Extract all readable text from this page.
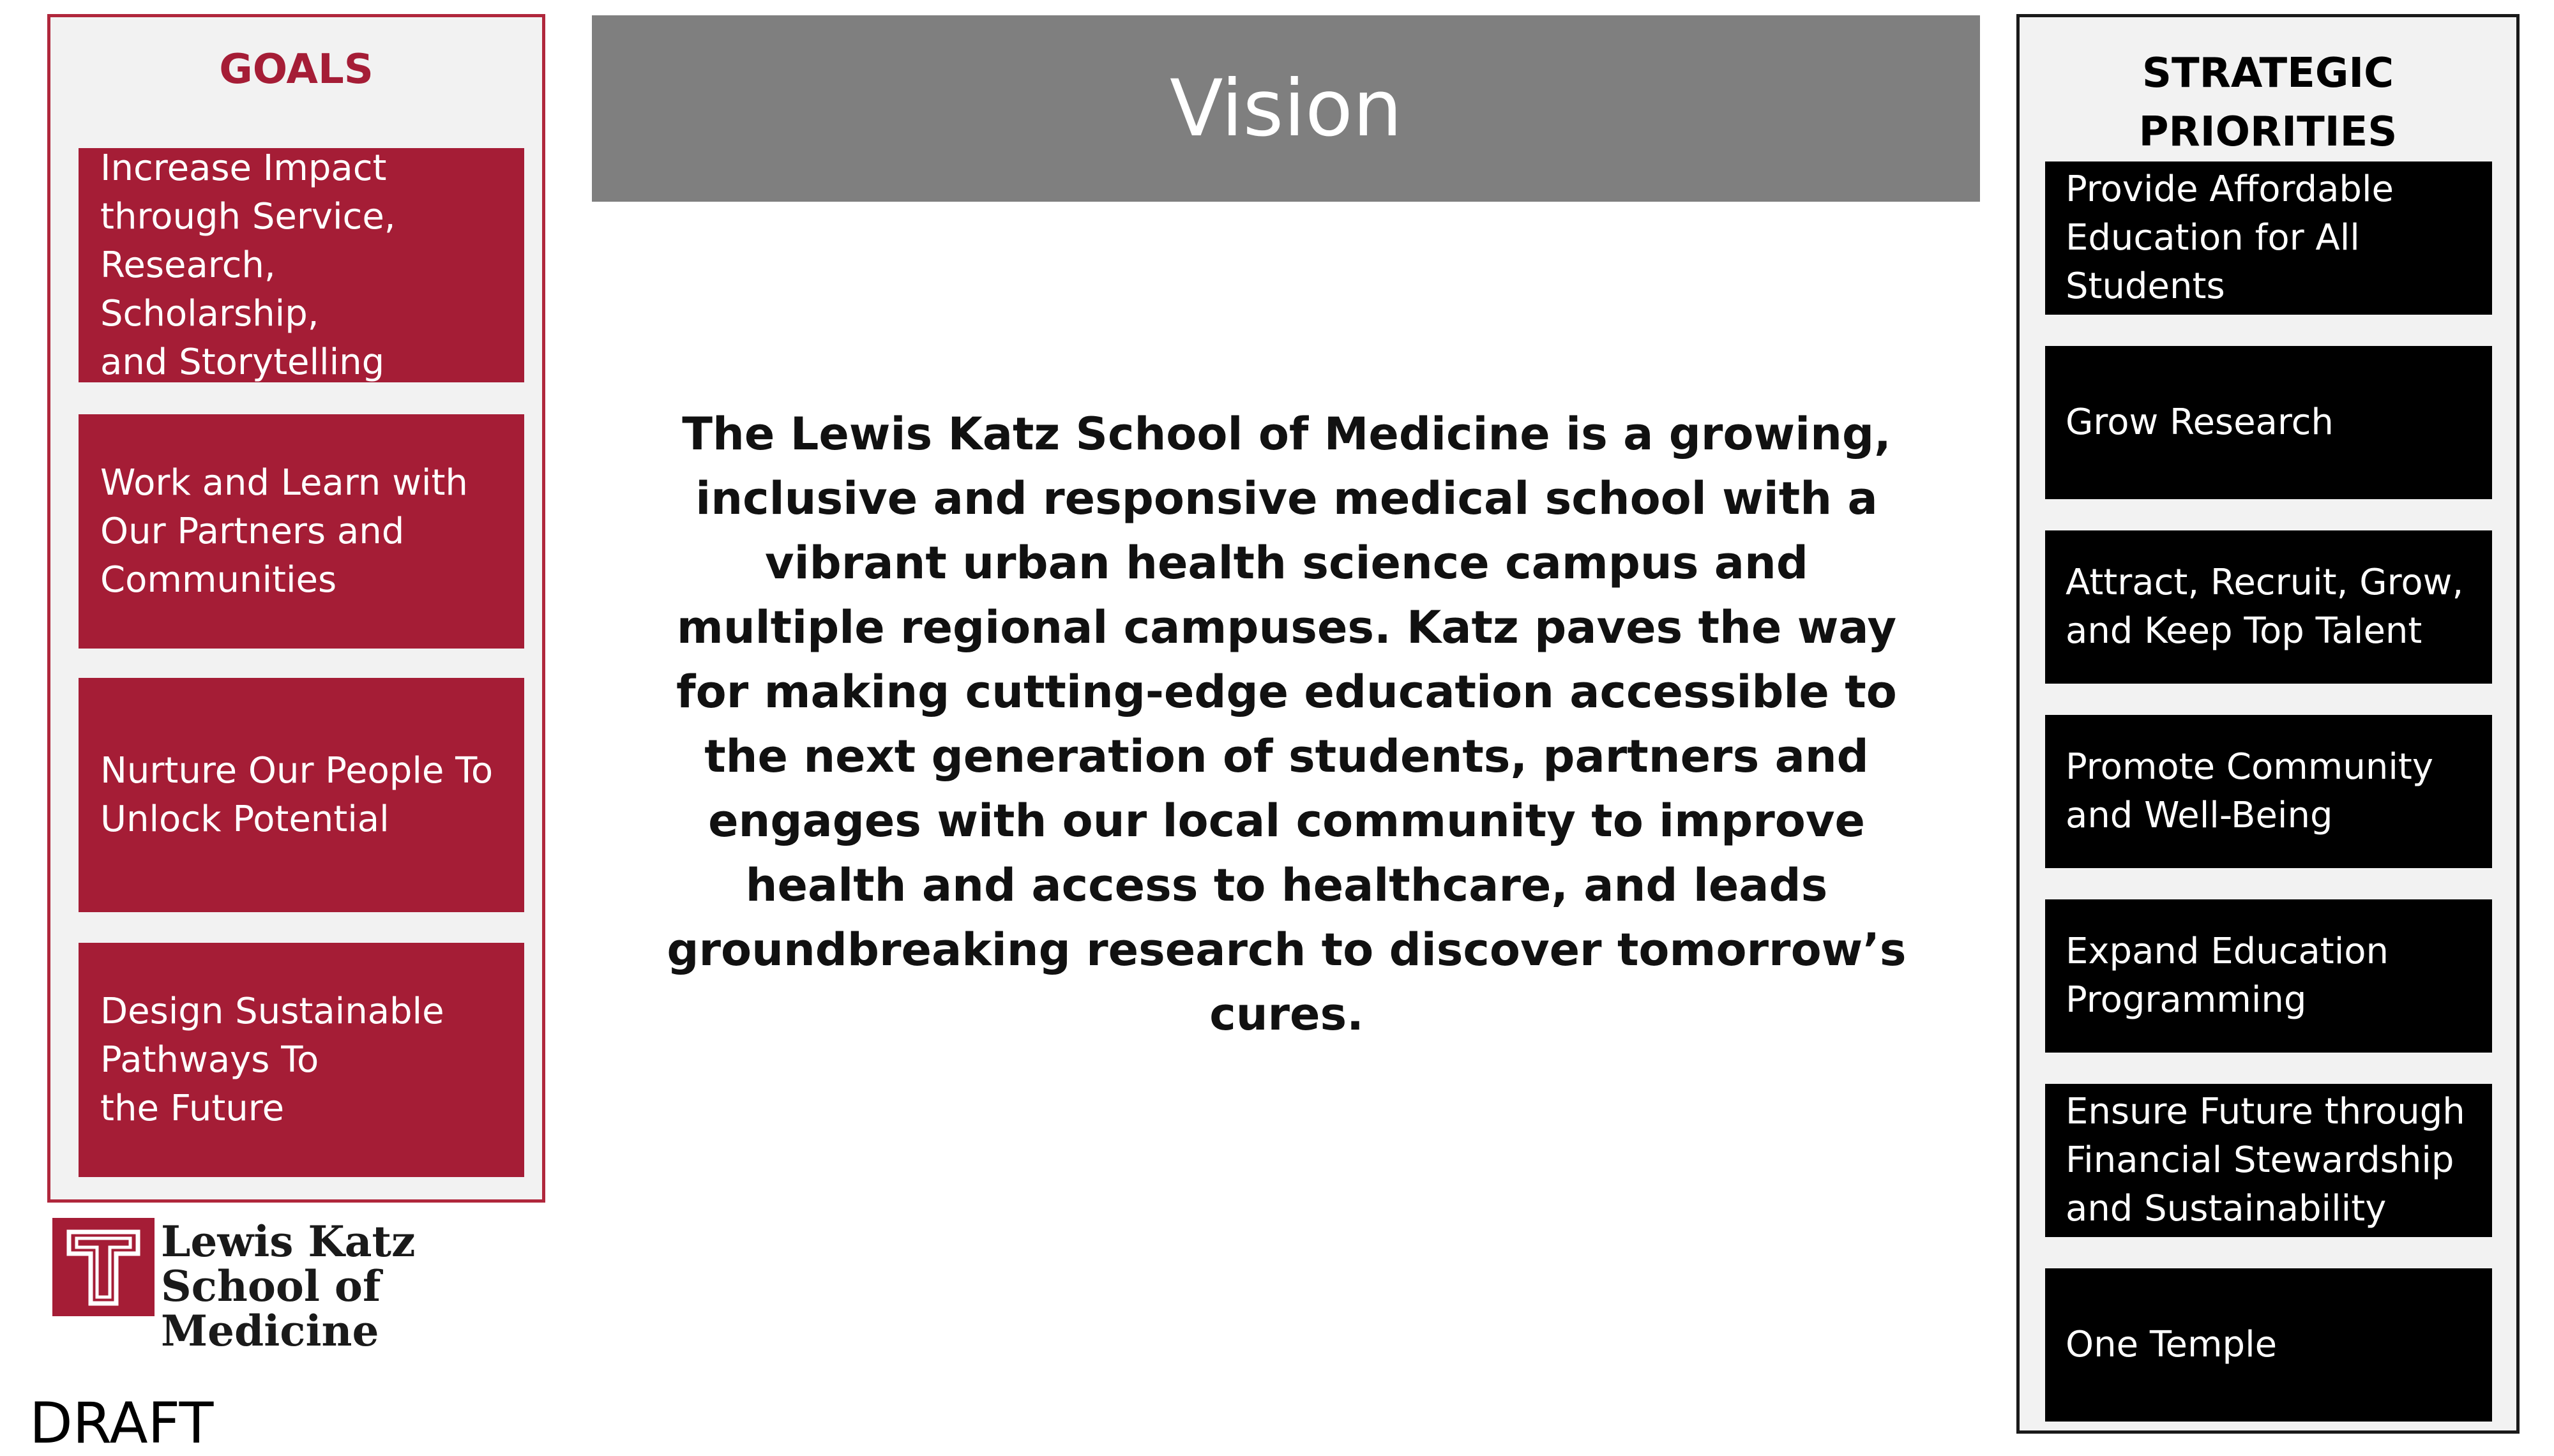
GOALS
Increase Impact
through Service,
Research, Scholarship,
and Storytelling
Work and Learn with
Our Partners and
Communities
Nurture Our People To
Unlock Potential
Design Sustainable
Pathways To
the Future
Vision
The Lewis Katz School of Medicine is a growing, inclusive and responsive medical school with a vibrant urban health science campus and multiple regional campuses. Katz paves the way for making cutting-edge education accessible to the next generation of students, partners and engages with our local community to improve health and access to healthcare, and leads groundbreaking research to discover tomorrow’s cures.
STRATEGIC
PRIORITIES
Provide Affordable
Education for All
Students
Grow Research
Attract, Recruit, Grow,
and Keep Top Talent
Promote Community
and Well-Being
Expand Education
Programming
Ensure Future through
Financial Stewardship
and Sustainability
One Temple
Lewis Katz
School of Medicine
DRAFT
